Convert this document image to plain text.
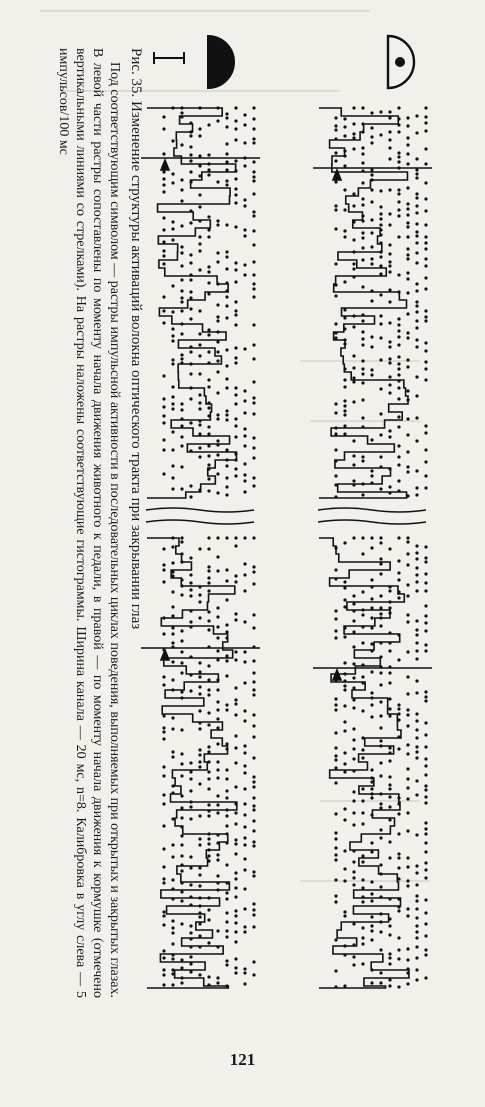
Рис. 35. Изменение структуры активаций волокна оптического тракта при закрывании глаз

Под соответствующим символом — растры импульсной активности в последовательных циклах поведения, выполняемых при открытых и закрытых глазах. В левой части растры сопоставлены по моменту начала движения животного к педали, в правой — по моменту начала движения к кормушке (отмечено вертикальными линиями со стрелками). На растры наложены соответствующие гистограммы. Ширина канала — 20 мс, n=8. Калибровка в углу слева — 5 импульсов/100 мс

121
